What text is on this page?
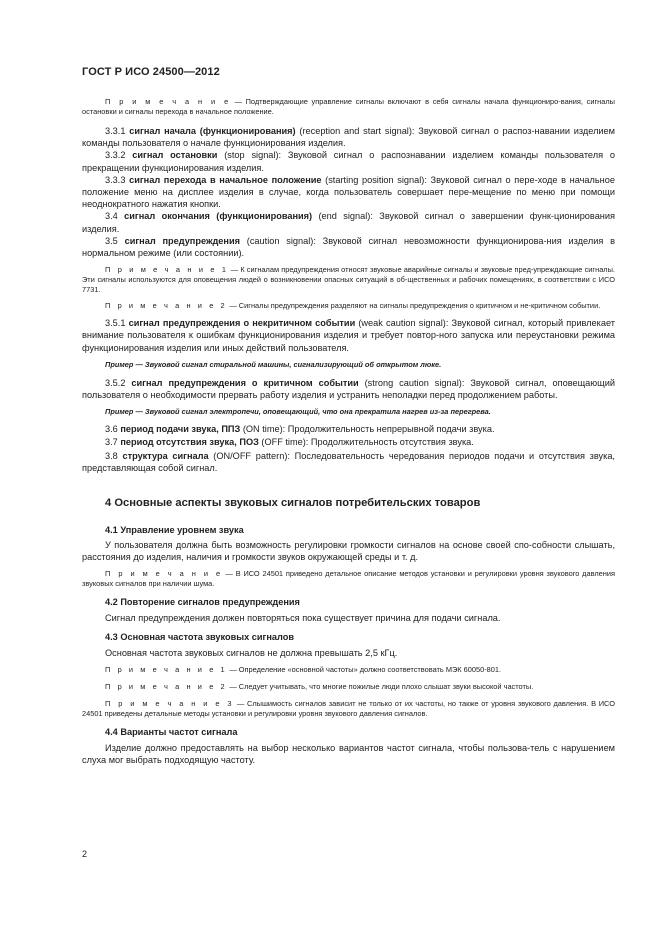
ГОСТ Р ИСО 24500—2012

П р и м е ч а н и е — Подтверждающие управление сигналы включают в себя сигналы начала функциониро-вания, сигналы остановки и сигналы перехода в начальное положение.

3.3.1 сигнал начала (функционирования) (reception and start signal): Звуковой сигнал о распоз-навании изделием команды пользователя о начале функционирования изделия.

3.3.2 сигнал остановки (stop signal): Звуковой сигнал о распознавании изделием команды пользователя о прекращении функционирования изделия.

3.3.3 сигнал перехода в начальное положение (starting position signal): Звуковой сигнал о пере-ходе в начальное положение меню на дисплее изделия в случае, когда пользователь совершает пере-мещение по меню при помощи неоднократного нажатия кнопки.

3.4 сигнал окончания (функционирования) (end signal): Звуковой сигнал о завершении функ-ционирования изделия.

3.5 сигнал предупреждения (caution signal): Звуковой сигнал невозможности функционирова-ния изделия в нормальном режиме (или состоянии).

П р и м е ч а н и е 1 — К сигналам предупреждения относят звуковые аварийные сигналы и звуковые пред-упреждающие сигналы. Эти сигналы используются для оповещения людей о возникновении опасных ситуаций в об-щественных и рабочих помещениях, в соответствии с ИСО 7731.

П р и м е ч а н и е 2 — Сигналы предупреждения разделяют на сигналы предупреждения о критичном и не-критичном событии.

3.5.1 сигнал предупреждения о некритичном событии (weak caution signal): Звуковой сигнал, который привлекает внимание пользователя к ошибкам функционирования изделия и требует повтор-ного запуска или переустановки режима функционирования изделия или иных действий пользователя.

Пример — Звуковой сигнал стиральной машины, сигнализирующий об открытом люке.

3.5.2 сигнал предупреждения о критичном событии (strong caution signal): Звуковой сигнал, оповещающий пользователя о необходимости прервать работу изделия и устранить неполадки перед продолжением работы.

Пример — Звуковой сигнал электропечи, оповещающий, что она прекратила нагрев из-за перегрева.

3.6 период подачи звука, ППЗ (ON time): Продолжительность непрерывной подачи звука.

3.7 период отсутствия звука, ПОЗ (OFF time): Продолжительность отсутствия звука.

3.8 структура сигнала (ON/OFF pattern): Последовательность чередования периодов подачи и отсутствия звука, представляющая собой сигнал.

4 Основные аспекты звуковых сигналов потребительских товаров
4.1 Управление уровнем звука

У пользователя должна быть возможность регулировки громкости сигналов на основе своей спо-собности слышать, расстояния до изделия, наличия и громкости звуков окружающей среды и т. д.

П р и м е ч а н и е — В ИСО 24501 приведено детальное описание методов установки и регулировки уровня звукового давления звуковых сигналов при наличии шума.

4.2 Повторение сигналов предупреждения

Сигнал предупреждения должен повторяться пока существует причина для подачи сигнала.

4.3 Основная частота звуковых сигналов

Основная частота звуковых сигналов не должна превышать 2,5 кГц.

П р и м е ч а н и е 1 — Определение «основной частоты» должно соответствовать МЭК 60050-801.

П р и м е ч а н и е 2 — Следует учитывать, что многие пожилые люди плохо слышат звуки высокой частоты.

П р и м е ч а н и е 3 — Слышимость сигналов зависит не только от их частоты, но также от уровня звукового давления. В ИСО 24501 приведены детальные методы установки и регулировки уровня звукового давления сигналов.

4.4 Варианты частот сигнала

Изделие должно предоставлять на выбор несколько вариантов частот сигнала, чтобы пользова-тель с нарушением слуха мог выбрать подходящую частоту.

2
